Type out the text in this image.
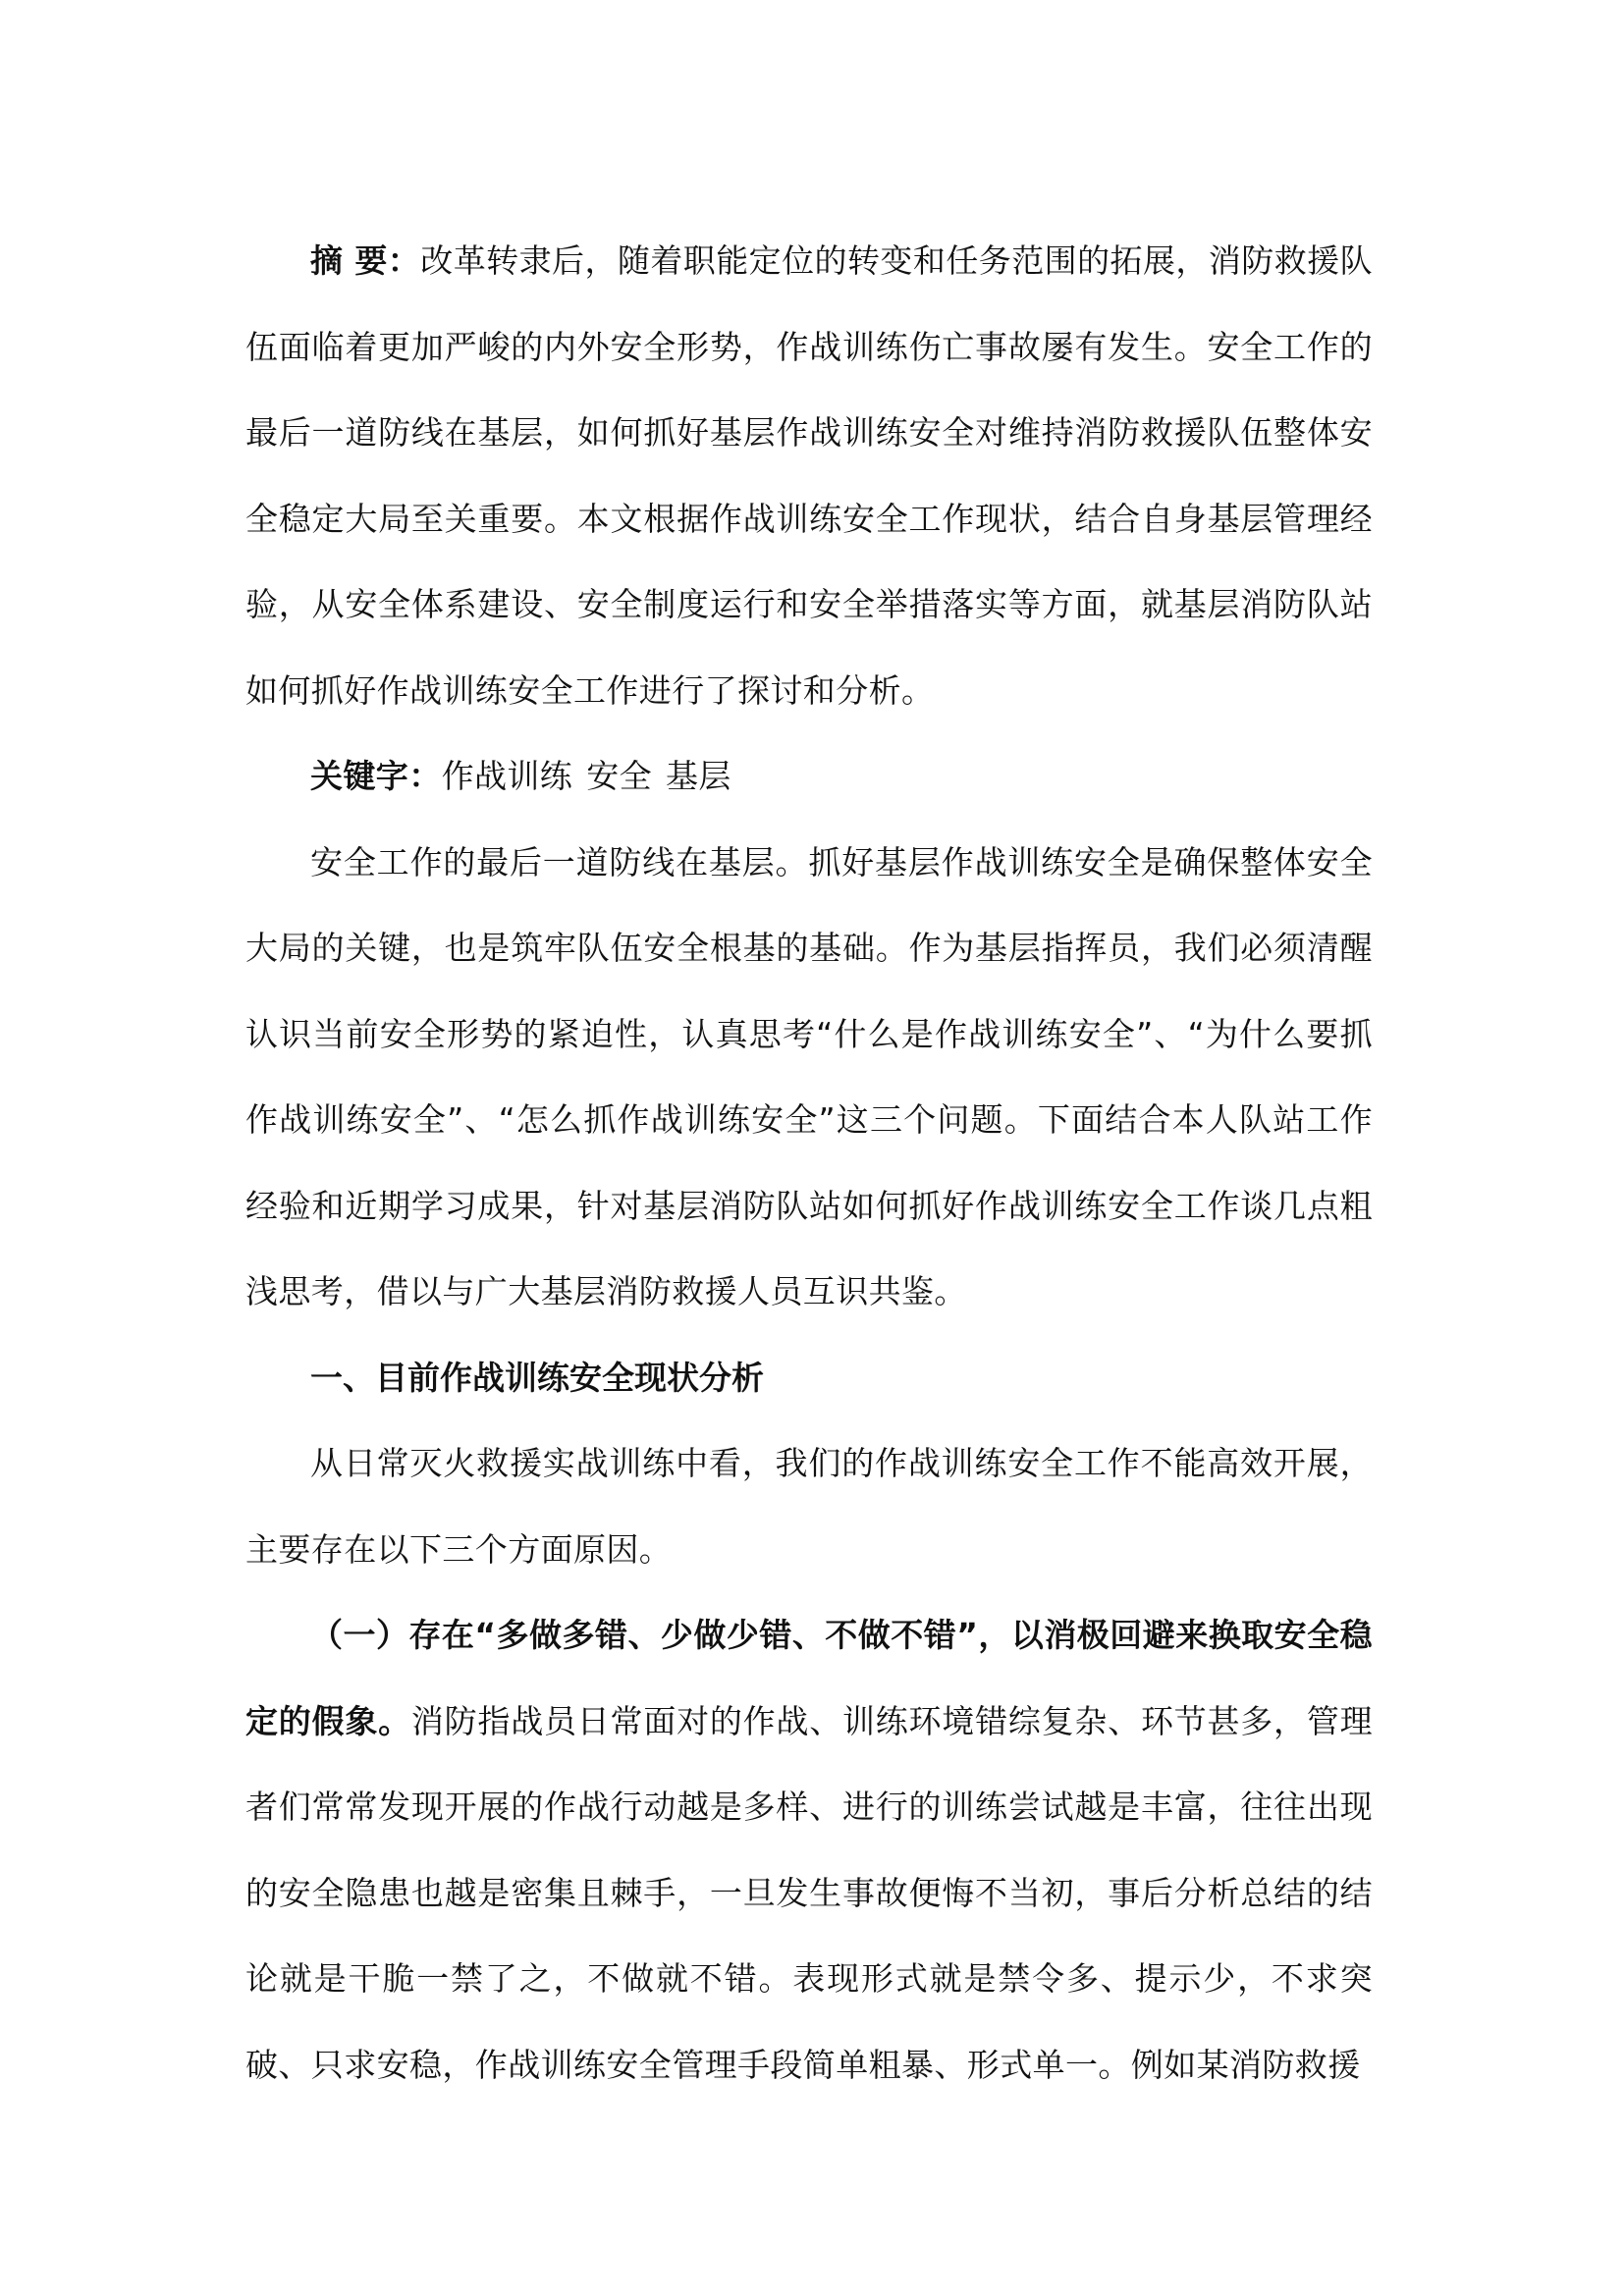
摘 要：改革转隶后，随着职能定位的转变和任务范围的拓展，消防救援队伍面临着更加严峻的内外安全形势，作战训练伤亡事故屡有发生。安全工作的最后一道防线在基层，如何抓好基层作战训练安全对维持消防救援队伍整体安全稳定大局至关重要。本文根据作战训练安全工作现状，结合自身基层管理经验，从安全体系建设、安全制度运行和安全举措落实等方面，就基层消防队站如何抓好作战训练安全工作进行了探讨和分析。

关键字：作战训练 安全 基层

安全工作的最后一道防线在基层。抓好基层作战训练安全是确保整体安全大局的关键，也是筑牢队伍安全根基的基础。作为基层指挥员，我们必须清醒认识当前安全形势的紧迫性，认真思考“什么是作战训练安全”、“为什么要抓作战训练安全”、“怎么抓作战训练安全”这三个问题。下面结合本人队站工作经验和近期学习成果，针对基层消防队站如何抓好作战训练安全工作谈几点粗浅思考，借以与广大基层消防救援人员互识共鉴。

一、目前作战训练安全现状分析

从日常灭火救援实战训练中看，我们的作战训练安全工作不能高效开展，主要存在以下三个方面原因。

（一）存在“多做多错、少做少错、不做不错”，以消极回避来换取安全稳定的假象。消防指战员日常面对的作战、训练环境错综复杂、环节甚多，管理者们常常发现开展的作战行动越是多样、进行的训练尝试越是丰富，往往出现的安全隐患也越是密集且棘手，一旦发生事故便悔不当初，事后分析总结的结论就是干脆一禁了之，不做就不错。表现形式就是禁令多、提示少，不求突破、只求安稳，作战训练安全管理手段简单粗暴、形式单一。例如某消防救援
